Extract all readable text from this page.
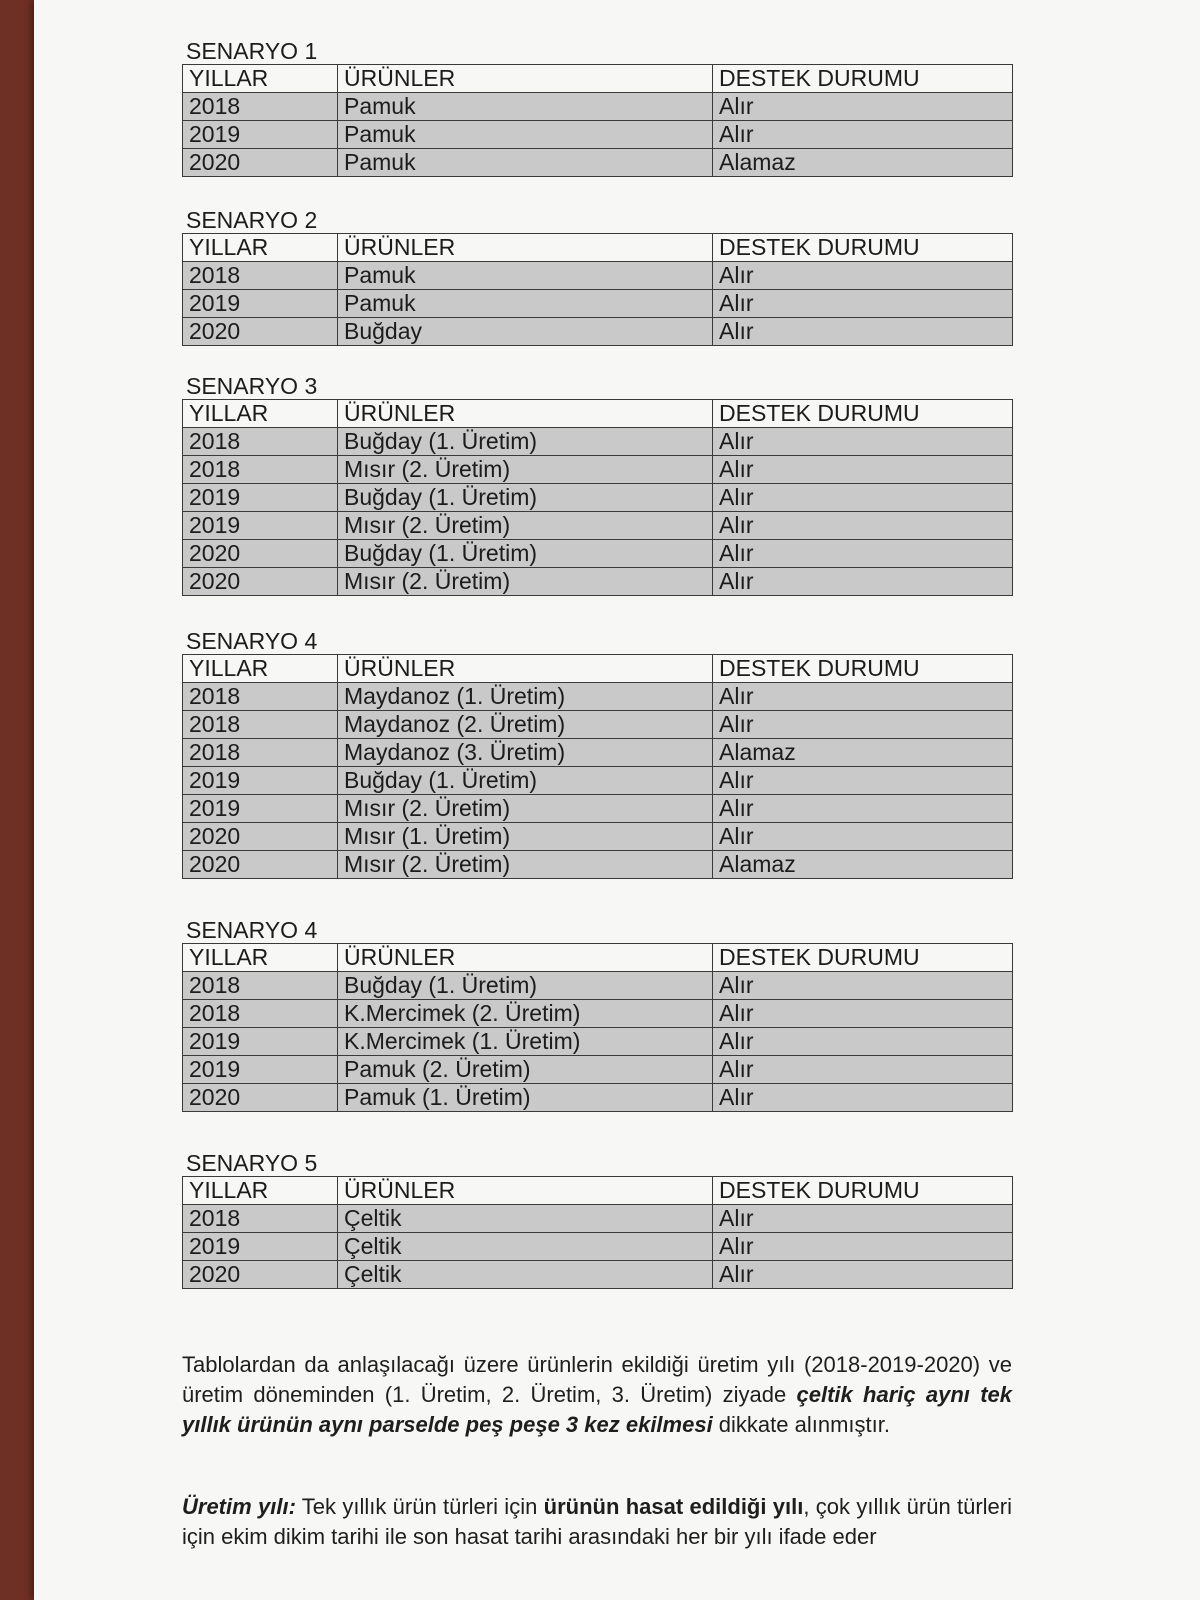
SENARYO 1
YILLAR	ÜRÜNLER	DESTEK DURUMU
2018	Pamuk	Alır
2019	Pamuk	Alır
2020	Pamuk	Alamaz
SENARYO 2
YILLAR	ÜRÜNLER	DESTEK DURUMU
2018	Pamuk	Alır
2019	Pamuk	Alır
2020	Buğday	Alır
SENARYO 3
YILLAR	ÜRÜNLER	DESTEK DURUMU
2018	Buğday (1. Üretim)	Alır
2018	Mısır (2. Üretim)	Alır
2019	Buğday (1. Üretim)	Alır
2019	Mısır (2. Üretim)	Alır
2020	Buğday (1. Üretim)	Alır
2020	Mısır (2. Üretim)	Alır
SENARYO 4
YILLAR	ÜRÜNLER	DESTEK DURUMU
2018	Maydanoz (1. Üretim)	Alır
2018	Maydanoz (2. Üretim)	Alır
2018	Maydanoz (3. Üretim)	Alamaz
2019	Buğday (1. Üretim)	Alır
2019	Mısır (2. Üretim)	Alır
2020	Mısır (1. Üretim)	Alır
2020	Mısır (2. Üretim)	Alamaz
SENARYO 4
YILLAR	ÜRÜNLER	DESTEK DURUMU
2018	Buğday (1. Üretim)	Alır
2018	K.Mercimek (2. Üretim)	Alır
2019	K.Mercimek (1. Üretim)	Alır
2019	Pamuk (2. Üretim)	Alır
2020	Pamuk (1. Üretim)	Alır
SENARYO 5
YILLAR	ÜRÜNLER	DESTEK DURUMU
2018	Çeltik	Alır
2019	Çeltik	Alır
2020	Çeltik	Alır
Tablolardan da anlaşılacağı üzere ürünlerin ekildiği üretim yılı (2018-2019-2020) ve üretim döneminden (1. Üretim, 2. Üretim, 3. Üretim) ziyade çeltik hariç aynı tek yıllık ürünün aynı parselde peş peşe 3 kez ekilmesi dikkate alınmıştır.
Üretim yılı: Tek yıllık ürün türleri için ürünün hasat edildiği yılı, çok yıllık ürün türleri için ekim dikim tarihi ile son hasat tarihi arasındaki her bir yılı ifade eder
